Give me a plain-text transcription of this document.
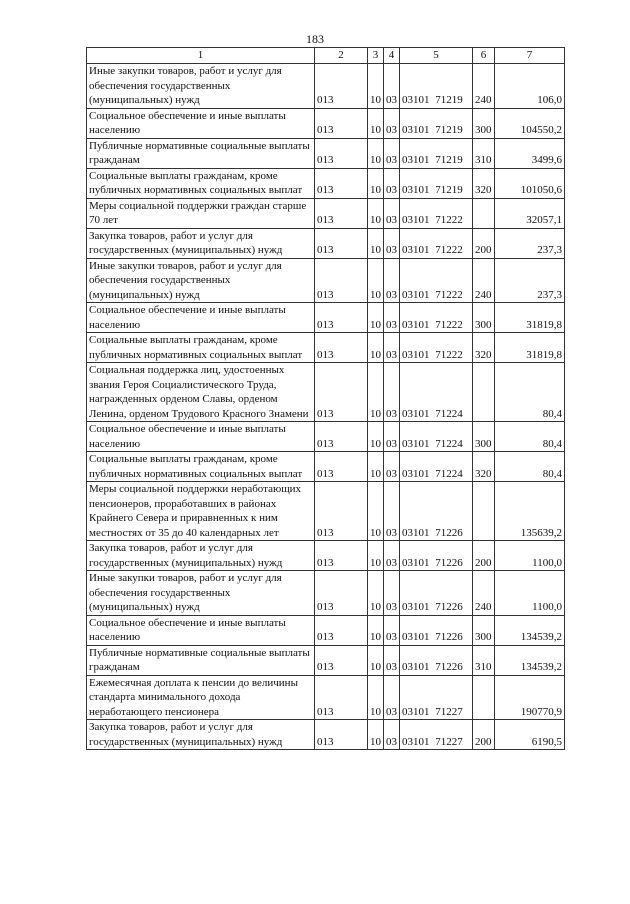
183
1	2	3	4	5	6	7
Иные закупки товаров, работ и услуг для обеспечения государственных (муниципальных) нужд	013	10	03	03101 71219	240	106,0
Социальное обеспечение и иные выплаты населению	013	10	03	03101 71219	300	104550,2
Публичные нормативные социальные выплаты гражданам	013	10	03	03101 71219	310	3499,6
Социальные выплаты гражданам, кроме публичных нормативных социальных выплат	013	10	03	03101 71219	320	101050,6
Меры социальной поддержки граждан старше 70 лет	013	10	03	03101 71222		32057,1
Закупка товаров, работ и услуг для государственных (муниципальных) нужд	013	10	03	03101 71222	200	237,3
Иные закупки товаров, работ и услуг для обеспечения государственных (муниципальных) нужд	013	10	03	03101 71222	240	237,3
Социальное обеспечение и иные выплаты населению	013	10	03	03101 71222	300	31819,8
Социальные выплаты гражданам, кроме публичных нормативных социальных выплат	013	10	03	03101 71222	320	31819,8
Социальная поддержка лиц, удостоенных звания Героя Социалистического Труда, награжденных орденом Славы, орденом Ленина, орденом Трудового Красного Знамени	013	10	03	03101 71224		80,4
Социальное обеспечение и иные выплаты населению	013	10	03	03101 71224	300	80,4
Социальные выплаты гражданам, кроме публичных нормативных социальных выплат	013	10	03	03101 71224	320	80,4
Меры социальной поддержки неработающих пенсионеров, проработавших в районах Крайнего Севера и приравненных к ним местностях от 35 до 40 календарных лет	013	10	03	03101 71226		135639,2
Закупка товаров, работ и услуг для государственных (муниципальных) нужд	013	10	03	03101 71226	200	1100,0
Иные закупки товаров, работ и услуг для обеспечения государственных (муниципальных) нужд	013	10	03	03101 71226	240	1100,0
Социальное обеспечение и иные выплаты населению	013	10	03	03101 71226	300	134539,2
Публичные нормативные социальные выплаты гражданам	013	10	03	03101 71226	310	134539,2
Ежемесячная доплата к пенсии до величины стандарта минимального дохода неработающего пенсионера	013	10	03	03101 71227		190770,9
Закупка товаров, работ и услуг для государственных (муниципальных) нужд	013	10	03	03101 71227	200	6190,5
